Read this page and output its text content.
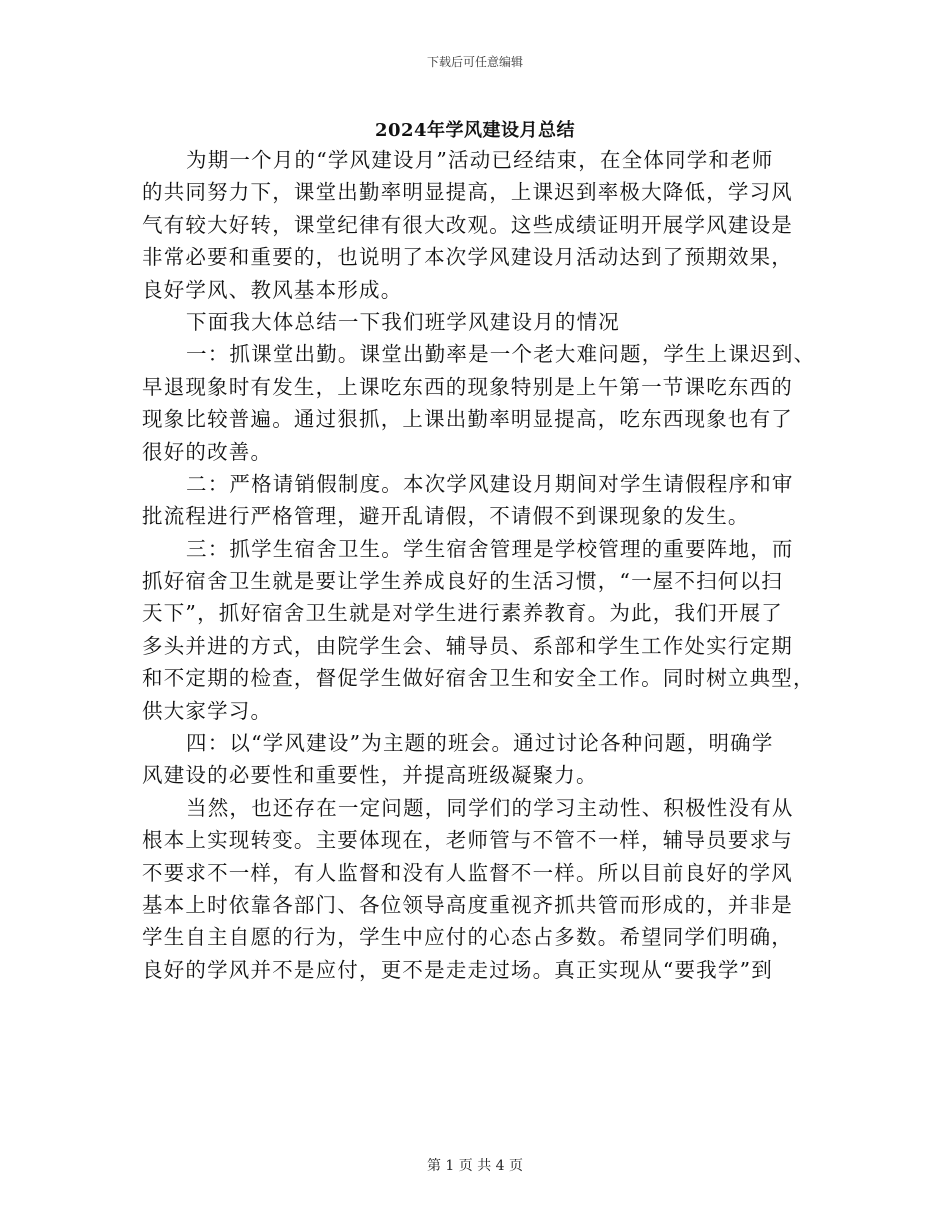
下载后可任意编辑
2024年学风建设月总结
为期一个月的“学风建设月”活动已经结束，在全体同学和老师
的共同努力下，课堂出勤率明显提高，上课迟到率极大降低，学习风
气有较大好转，课堂纪律有很大改观。这些成绩证明开展学风建设是
非常必要和重要的，也说明了本次学风建设月活动达到了预期效果，
良好学风、教风基本形成。
下面我大体总结一下我们班学风建设月的情况
一：抓课堂出勤。课堂出勤率是一个老大难问题，学生上课迟到、
早退现象时有发生，上课吃东西的现象特别是上午第一节课吃东西的
现象比较普遍。通过狠抓，上课出勤率明显提高，吃东西现象也有了
很好的改善。
二：严格请销假制度。本次学风建设月期间对学生请假程序和审
批流程进行严格管理，避开乱请假，不请假不到课现象的发生。
三：抓学生宿舍卫生。学生宿舍管理是学校管理的重要阵地，而
抓好宿舍卫生就是要让学生养成良好的生活习惯，“一屋不扫何以扫
天下”，抓好宿舍卫生就是对学生进行素养教育。为此，我们开展了
多头并进的方式，由院学生会、辅导员、系部和学生工作处实行定期
和不定期的检查，督促学生做好宿舍卫生和安全工作。同时树立典型，
供大家学习。
四：以“学风建设”为主题的班会。通过讨论各种问题，明确学
风建设的必要性和重要性，并提高班级凝聚力。
当然，也还存在一定问题，同学们的学习主动性、积极性没有从
根本上实现转变。主要体现在，老师管与不管不一样，辅导员要求与
不要求不一样，有人监督和没有人监督不一样。所以目前良好的学风
基本上时依靠各部门、各位领导高度重视齐抓共管而形成的，并非是
学生自主自愿的行为，学生中应付的心态占多数。希望同学们明确，
良好的学风并不是应付，更不是走走过场。真正实现从“要我学”到
第 1 页 共 4 页
